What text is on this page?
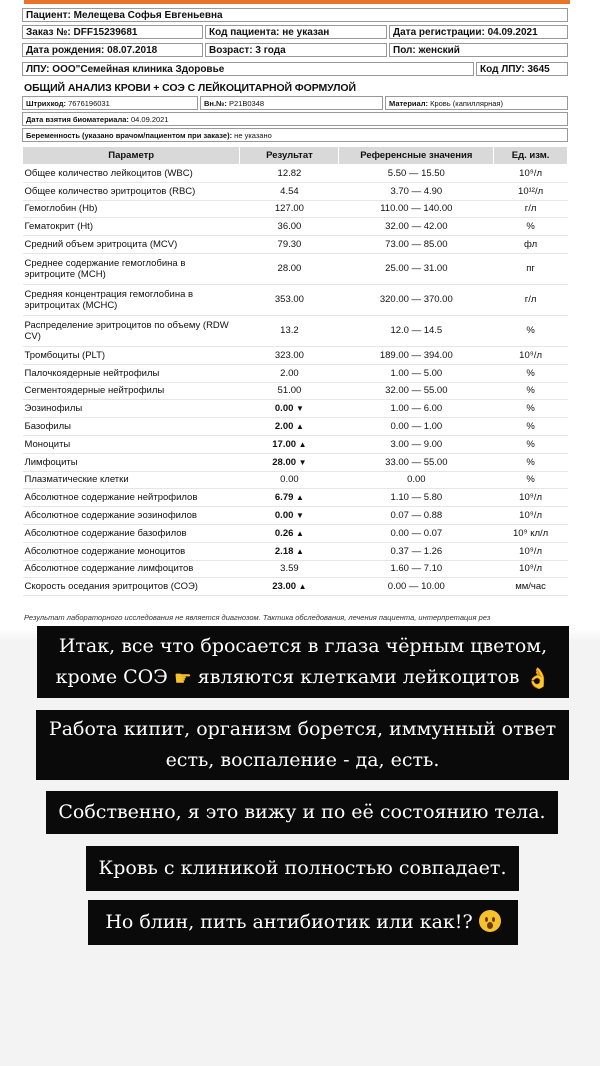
Пациент: Мелещева Софья Евгеньевна
Заказ №: DFF15239681	Код пациента: не указан	Дата регистрации: 04.09.2021
Дата рождения: 08.07.2018	Возраст: 3 года	Пол: женский
ЛПУ: ООО"Семейная клиника Здоровье	Код ЛПУ: 3645
ОБЩИЙ АНАЛИЗ КРОВИ + СОЭ С ЛЕЙКОЦИТАРНОЙ ФОРМУЛОЙ
Штрихкод: 7676196031	Вн.№: P21B0348	Материал: Кровь (капиллярная)
Дата взятия биоматериала: 04.09.2021
Беременность (указано врачом/пациентом при заказе): не указано
Параметр	Результат	Референсные значения	Ед. изм.
Общее количество лейкоцитов (WBC)	12.82	5.50 — 15.50	10⁹/л
Общее количество эритроцитов (RBC)	4.54	3.70 — 4.90	10¹²/л
Гемоглобин (Hb)	127.00	110.00 — 140.00	г/л
Гематокрит (Ht)	36.00	32.00 — 42.00	%
Средний объем эритроцита (MCV)	79.30	73.00 — 85.00	фл
Среднее содержание гемоглобина в эритроците (MCH)	28.00	25.00 — 31.00	пг
Средняя концентрация гемоглобина в эритроцитах (MCHC)	353.00	320.00 — 370.00	г/л
Распределение эритроцитов по объему (RDW CV)	13.2	12.0 — 14.5	%
Тромбоциты (PLT)	323.00	189.00 — 394.00	10⁹/л
Палочкоядерные нейтрофилы	2.00	1.00 — 5.00	%
Сегментоядерные нейтрофилы	51.00	32.00 — 55.00	%
Эозинофилы	0.00 ▼	1.00 — 6.00	%
Базофилы	2.00 ▲	0.00 — 1.00	%
Моноциты	17.00 ▲	3.00 — 9.00	%
Лимфоциты	28.00 ▼	33.00 — 55.00	%
Плазматические клетки	0.00	0.00	%
Абсолютное содержание нейтрофилов	6.79 ▲	1.10 — 5.80	10⁹/л
Абсолютное содержание эозинофилов	0.00 ▼	0.07 — 0.88	10⁹/л
Абсолютное содержание базофилов	0.26 ▲	0.00 — 0.07	10⁹ кл/л
Абсолютное содержание моноцитов	2.18 ▲	0.37 — 1.26	10⁹/л
Абсолютное содержание лимфоцитов	3.59	1.60 — 7.10	10⁹/л
Скорость оседания эритроцитов (СОЭ)	23.00 ▲	0.00 — 10.00	мм/час
Результат лабораторного исследования не является диагнозом. Тактика обследования, лечения пациента, интерпретация рез
Итак, все что бросается в глаза чёрным цветом,
кроме СОЭ ☛ являются клетками лейкоцитов 👌
Работа кипит, организм борется, иммунный ответ
есть, воспаление - да, есть.
Собственно, я это вижу и по её состоянию тела.
Кровь с клиникой полностью совпадает.
Но блин, пить антибиотик или как!?
